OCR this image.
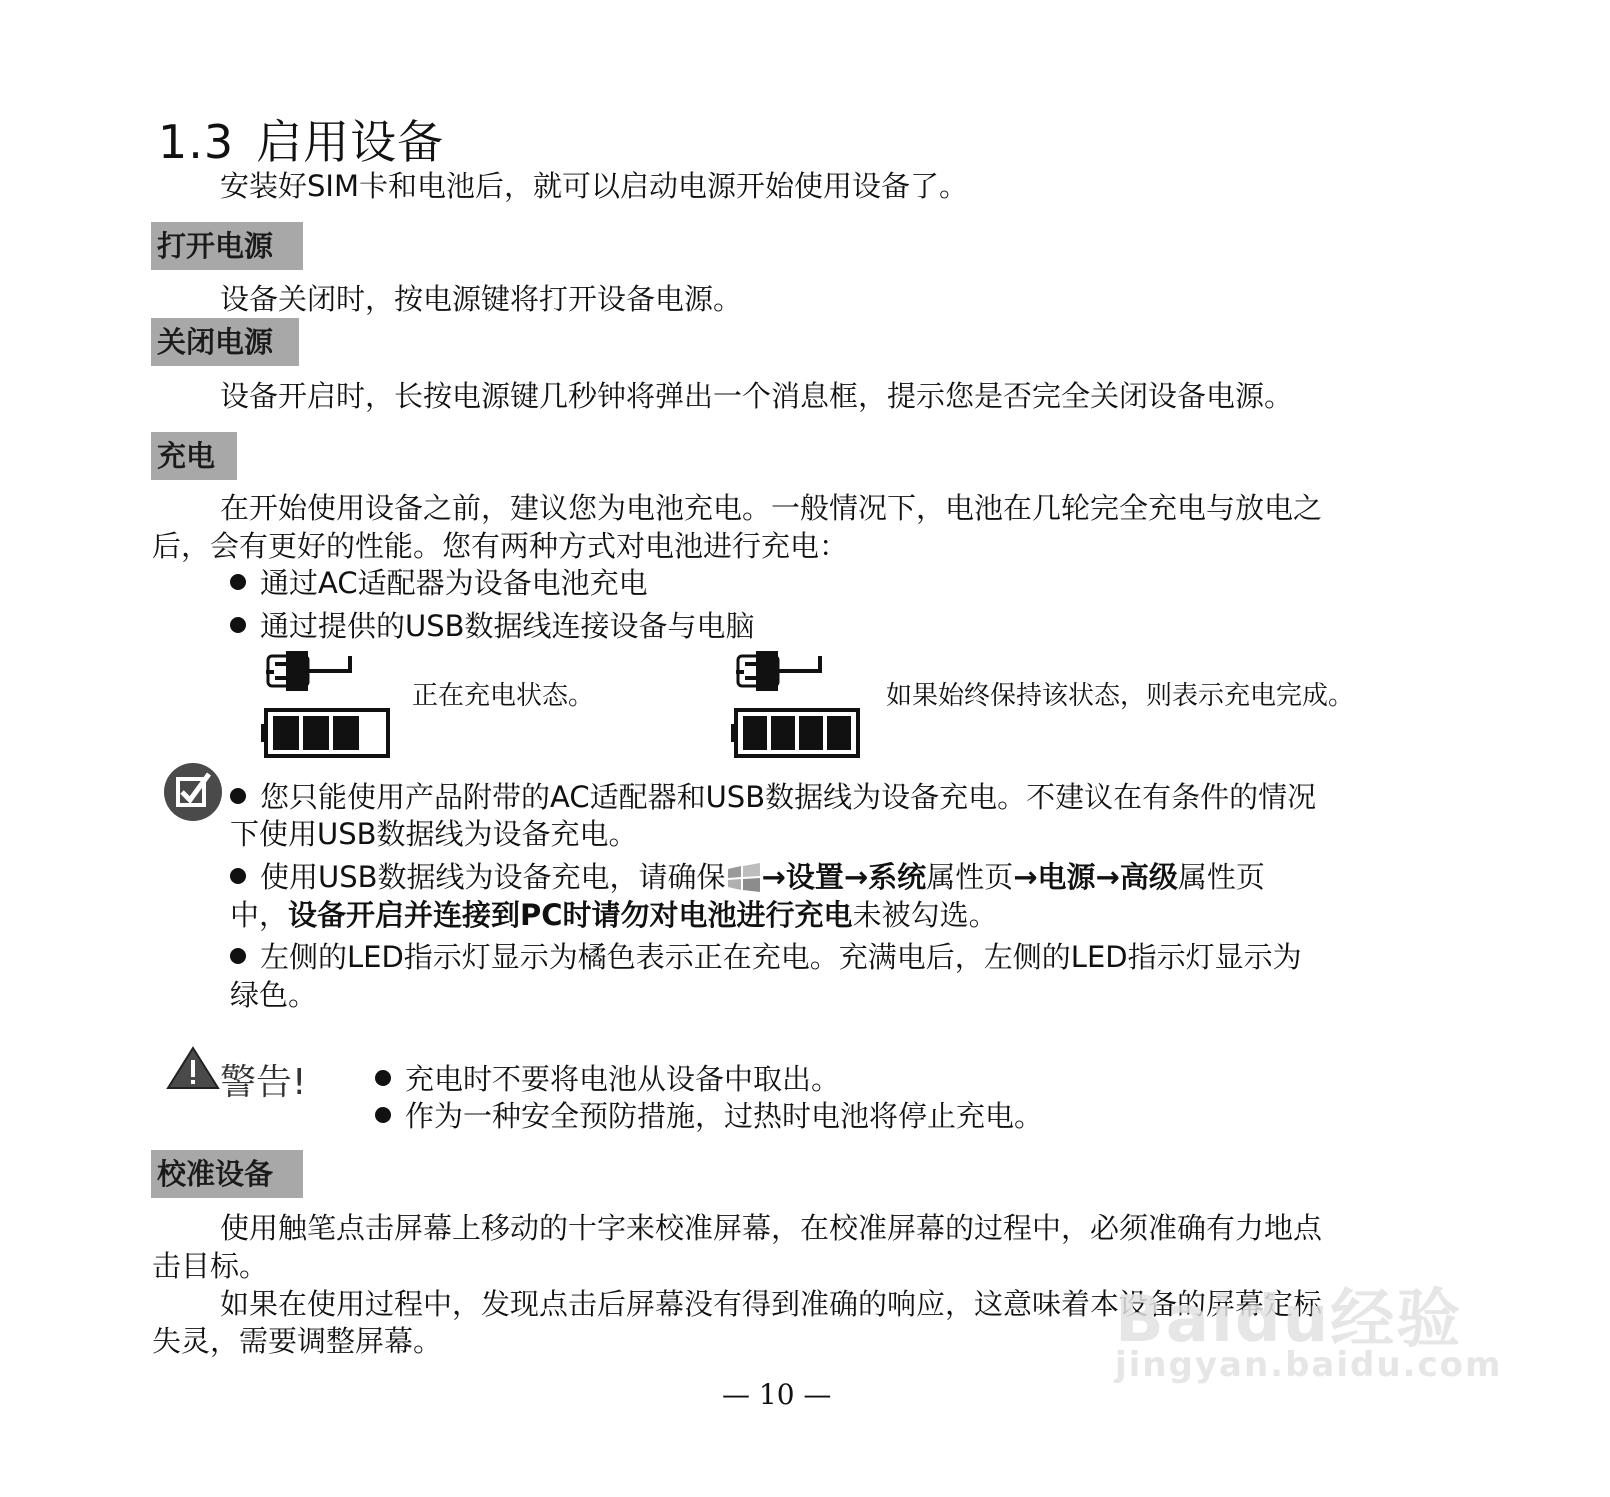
1.3 启用设备
安装好SIM卡和电池后，就可以启动电源开始使用设备了。
打开电源
设备关闭时，按电源键将打开设备电源。
关闭电源
设备开启时，长按电源键几秒钟将弹出一个消息框，提示您是否完全关闭设备电源。
充电
在开始使用设备之前，建议您为电池充电。一般情况下，电池在几轮完全充电与放电之
后，会有更好的性能。您有两种方式对电池进行充电：
通过AC适配器为设备电池充电
通过提供的USB数据线连接设备与电脑
正在充电状态。	如果始终保持该状态，则表示充电完成。
您只能使用产品附带的AC适配器和USB数据线为设备充电。不建议在有条件的情况
下使用USB数据线为设备充电。
使用USB数据线为设备充电，请确保 →设置→系统属性页→电源→高级属性页
中，设备开启并连接到PC时请勿对电池进行充电未被勾选。
左侧的LED指示灯显示为橘色表示正在充电。充满电后，左侧的LED指示灯显示为
绿色。
警告!	充电时不要将电池从设备中取出。
作为一种安全预防措施，过热时电池将停止充电。
校准设备
使用触笔点击屏幕上移动的十字来校准屏幕，在校准屏幕的过程中，必须准确有力地点
击目标。
如果在使用过程中，发现点击后屏幕没有得到准确的响应，这意味着本设备的屏幕定标
失灵，需要调整屏幕。	Baidu经验
jingyan.baidu.com
— 10 —
